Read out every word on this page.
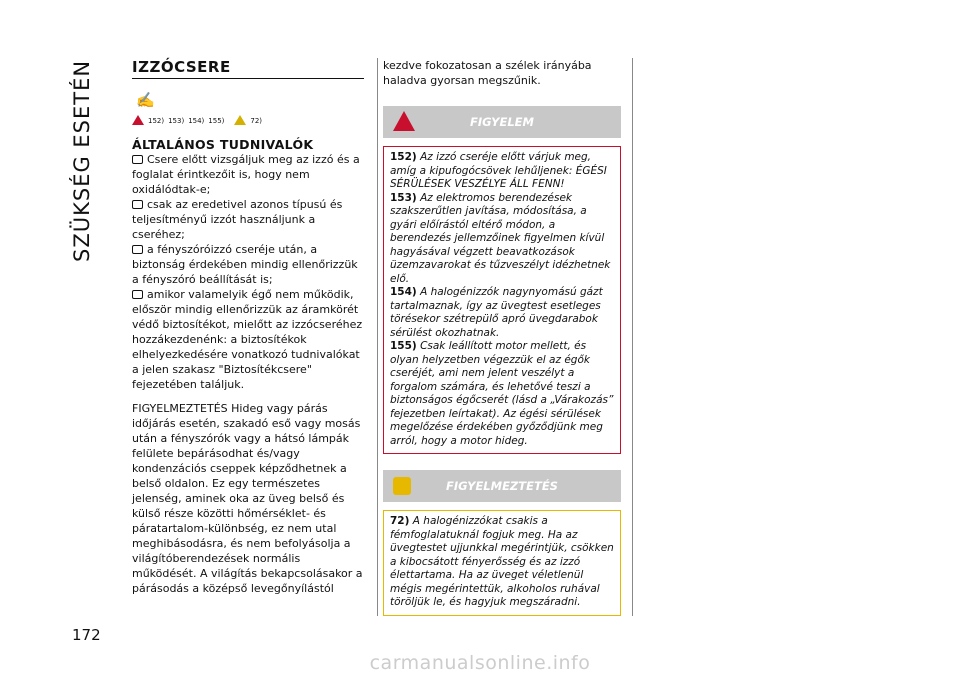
SZÜKSÉG ESETÉN
172
IZZÓCSERE
✍️
152) 153) 154) 155)	72)
ÁLTALÁNOS TUDNIVALÓK
Csere előtt vizsgáljuk meg az izzó és a foglalat érintkezőit is, hogy nem oxidálódtak-e;
csak az eredetivel azonos típusú és teljesítményű izzót használjunk a cseréhez;
a fényszóróizzó cseréje után, a biztonság érdekében mindig ellenőrizzük a fényszóró beállítását is;
amikor valamelyik égő nem működik, először mindig ellenőrizzük az áramkörét védő biztosítékot, mielőtt az izzócseréhez hozzákezdenénk: a biztosítékok elhelyezkedésére vonatkozó tudnivalókat a jelen szakasz "Biztosítékcsere" fejezetében találjuk.
FIGYELMEZTETÉS Hideg vagy párás időjárás esetén, szakadó eső vagy mosás után a fényszórók vagy a hátsó lámpák felülete bepárásodhat és/vagy kondenzációs cseppek képződhetnek a belső oldalon. Ez egy természetes jelenség, aminek oka az üveg belső és külső része közötti hőmérséklet- és páratartalom-különbség, ez nem utal meghibásodásra, és nem befolyásolja a világítóberendezések normális működését. A világítás bekapcsolásakor a párásodás a középső levegőnyílástól
kezdve fokozatosan a szélek irányába haladva gyorsan megszűnik.
FIGYELEM
152) Az izzó cseréje előtt várjuk meg, amíg a kipufogócsövek lehűljenek: ÉGÉSI SÉRÜLÉSEK VESZÉLYE ÁLL FENN!
153) Az elektromos berendezések szakszerűtlen javítása, módosítása, a gyári előírástól eltérő módon, a berendezés jellemzőinek figyelmen kívül hagyásával végzett beavatkozások üzemzavarokat és tűzveszélyt idézhetnek elő.
154) A halogénizzók nagynyomású gázt tartalmaznak, így az üvegtest esetleges törésekor szétrepülő apró üvegdarabok sérülést okozhatnak.
155) Csak leállított motor mellett, és olyan helyzetben végezzük el az égők cseréjét, ami nem jelent veszélyt a forgalom számára, és lehetővé teszi a biztonságos égőcserét (lásd a „Várakozás” fejezetben leírtakat). Az égési sérülések megelőzése érdekében győződjünk meg arról, hogy a motor hideg.
FIGYELMEZTETÉS
72) A halogénizzókat csakis a fémfoglalatuknál fogjuk meg. Ha az üvegtestet ujjunkkal megérintjük, csökken a kibocsátott fényerősség és az izzó élettartama. Ha az üveget véletlenül mégis megérintettük, alkoholos ruhával töröljük le, és hagyjuk megszáradni.
carmanualsonline.info
